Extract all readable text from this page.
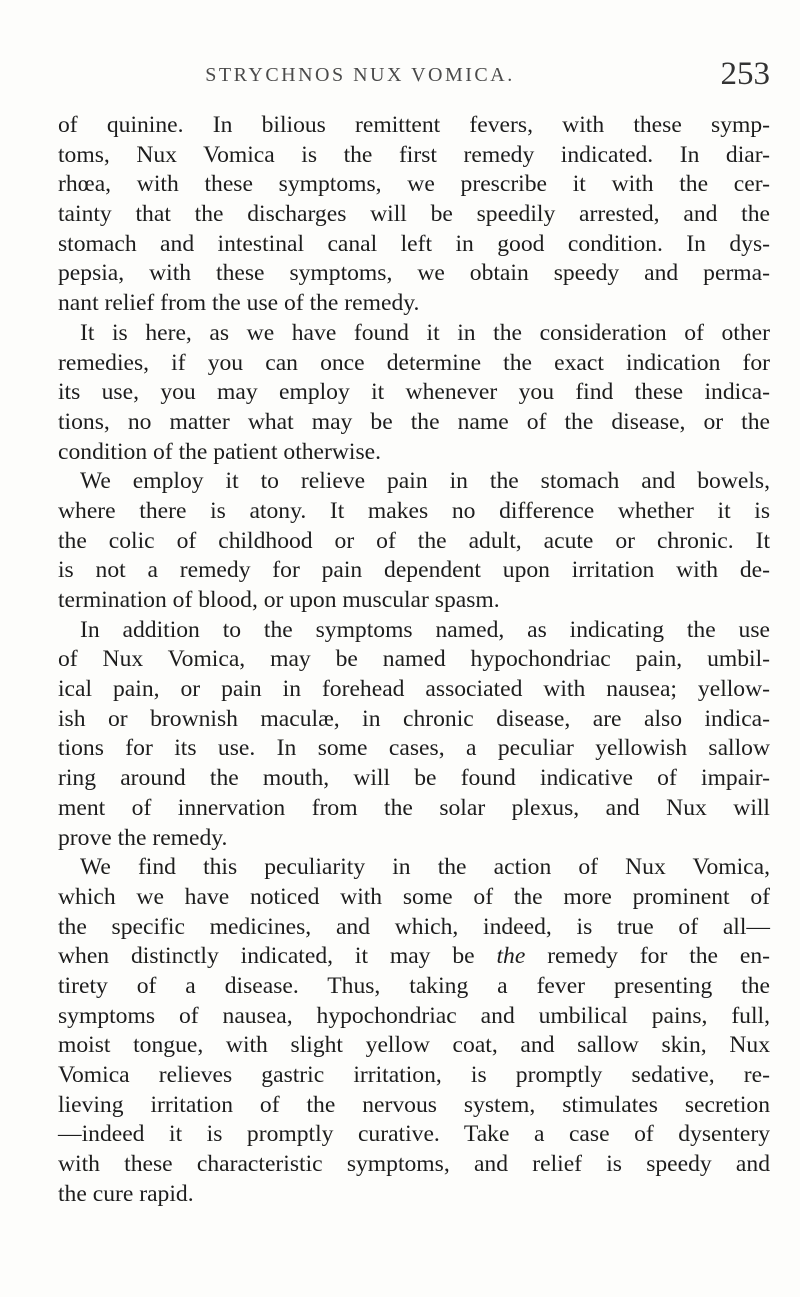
STRYCHNOS NUX VOMICA.	253
of quinine. In bilious remittent fevers, with these symp-
toms, Nux Vomica is the first remedy indicated. In diar-
rhœa, with these symptoms, we prescribe it with the cer-
tainty that the discharges will be speedily arrested, and the
stomach and intestinal canal left in good condition. In dys-
pepsia, with these symptoms, we obtain speedy and perma-
nant relief from the use of the remedy.
It is here, as we have found it in the consideration of other
remedies, if you can once determine the exact indication for
its use, you may employ it whenever you find these indica-
tions, no matter what may be the name of the disease, or the
condition of the patient otherwise.
We employ it to relieve pain in the stomach and bowels,
where there is atony. It makes no difference whether it is
the colic of childhood or of the adult, acute or chronic. It
is not a remedy for pain dependent upon irritation with de-
termination of blood, or upon muscular spasm.
In addition to the symptoms named, as indicating the use
of Nux Vomica, may be named hypochondriac pain, umbil-
ical pain, or pain in forehead associated with nausea; yellow-
ish or brownish maculæ, in chronic disease, are also indica-
tions for its use. In some cases, a peculiar yellowish sallow
ring around the mouth, will be found indicative of impair-
ment of innervation from the solar plexus, and Nux will
prove the remedy.
We find this peculiarity in the action of Nux Vomica,
which we have noticed with some of the more prominent of
the specific medicines, and which, indeed, is true of all—
when distinctly indicated, it may be the remedy for the en-
tirety of a disease. Thus, taking a fever presenting the
symptoms of nausea, hypochondriac and umbilical pains, full,
moist tongue, with slight yellow coat, and sallow skin, Nux
Vomica relieves gastric irritation, is promptly sedative, re-
lieving irritation of the nervous system, stimulates secretion
—indeed it is promptly curative. Take a case of dysentery
with these characteristic symptoms, and relief is speedy and
the cure rapid.
